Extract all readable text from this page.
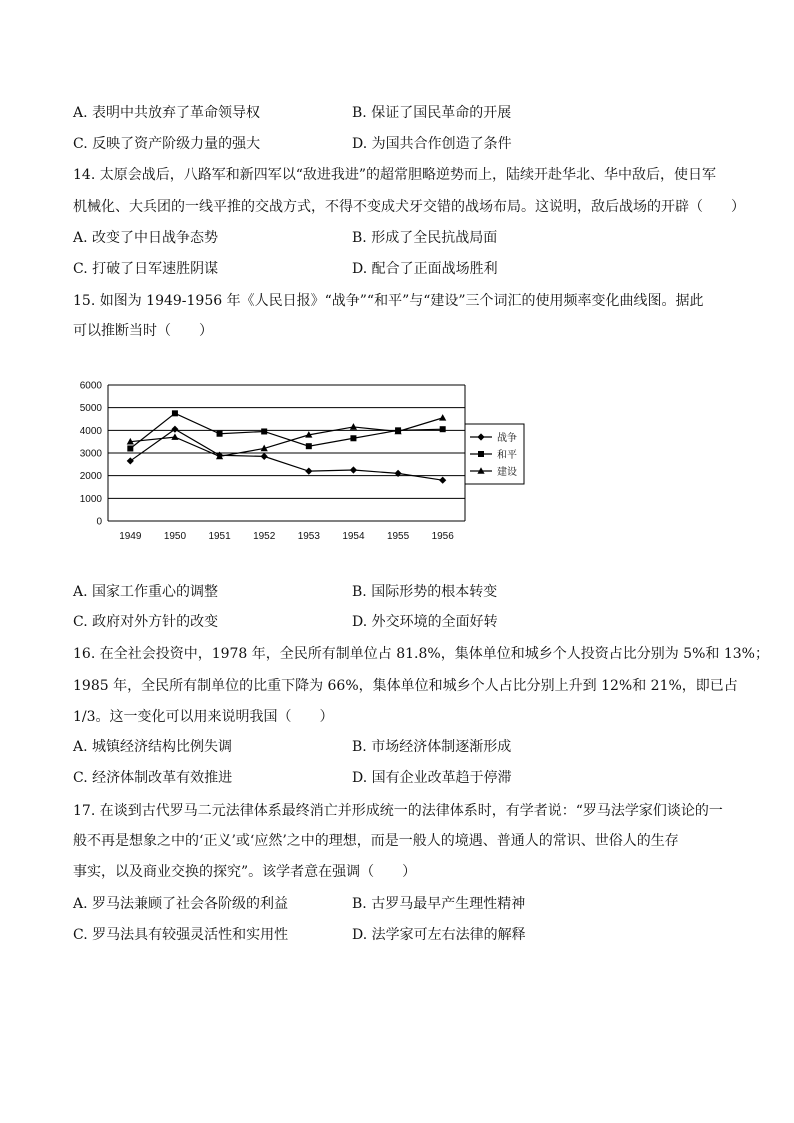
A. 表明中共放弃了革命领导权	B. 保证了国民革命的开展
C. 反映了资产阶级力量的强大	D. 为国共合作创造了条件
14. 太原会战后，八路军和新四军以“敌进我进”的超常胆略逆势而上，陆续开赴华北、华中敌后，使日军
机械化、大兵团的一线平推的交战方式，不得不变成犬牙交错的战场布局。这说明，敌后战场的开辟（　　）
A. 改变了中日战争态势	B. 形成了全民抗战局面
C. 打破了日军速胜阴谋	D. 配合了正面战场胜利
15. 如图为 1949-1956 年《人民日报》“战争”“和平”与“建设”三个词汇的使用频率变化曲线图。据此
可以推断当时（　　）
0
1000
2000
3000
4000
5000
6000
1949 1950 1951 1952 1953 1954 1955 1956
战争
和平
建设
A. 国家工作重心的调整	B. 国际形势的根本转变
C. 政府对外方针的改变	D. 外交环境的全面好转
16. 在全社会投资中，1978 年，全民所有制单位占 81.8%，集体单位和城乡个人投资占比分别为 5%和 13%；
1985 年，全民所有制单位的比重下降为 66%，集体单位和城乡个人占比分别上升到 12%和 21%，即已占
1/3。这一变化可以用来说明我国（　　）
A. 城镇经济结构比例失调	B. 市场经济体制逐渐形成
C. 经济体制改革有效推进	D. 国有企业改革趋于停滞
17. 在谈到古代罗马二元法律体系最终消亡并形成统一的法律体系时，有学者说：“罗马法学家们谈论的一
般不再是想象之中的‘正义’或‘应然’之中的理想，而是一般人的境遇、普通人的常识、世俗人的生存
事实，以及商业交换的探究”。该学者意在强调（　　）
A. 罗马法兼顾了社会各阶级的利益	B. 古罗马最早产生理性精神
C. 罗马法具有较强灵活性和实用性	D. 法学家可左右法律的解释
